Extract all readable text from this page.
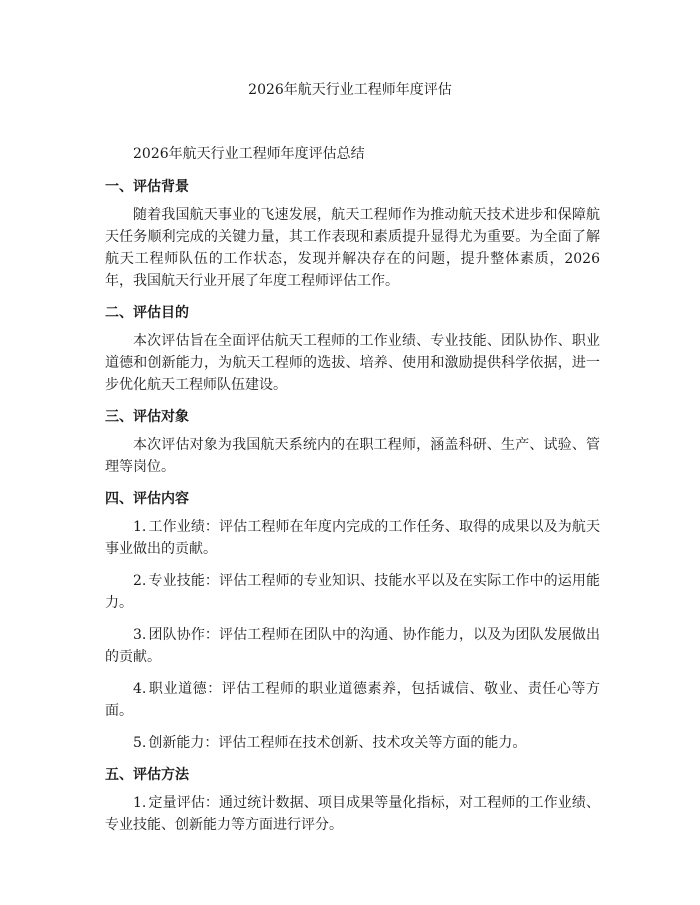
2026年航天行业工程师年度评估

2026年航天行业工程师年度评估总结

一、评估背景

随着我国航天事业的飞速发展，航天工程师作为推动航天技术进步和保障航天任务顺利完成的关键力量，其工作表现和素质提升显得尤为重要。为全面了解航天工程师队伍的工作状态，发现并解决存在的问题，提升整体素质，2026年，我国航天行业开展了年度工程师评估工作。

二、评估目的

本次评估旨在全面评估航天工程师的工作业绩、专业技能、团队协作、职业道德和创新能力，为航天工程师的选拔、培养、使用和激励提供科学依据，进一步优化航天工程师队伍建设。

三、评估对象

本次评估对象为我国航天系统内的在职工程师，涵盖科研、生产、试验、管理等岗位。

四、评估内容

1. 工作业绩：评估工程师在年度内完成的工作任务、取得的成果以及为航天事业做出的贡献。

2. 专业技能：评估工程师的专业知识、技能水平以及在实际工作中的运用能力。

3. 团队协作：评估工程师在团队中的沟通、协作能力，以及为团队发展做出的贡献。

4. 职业道德：评估工程师的职业道德素养，包括诚信、敬业、责任心等方面。

5. 创新能力：评估工程师在技术创新、技术攻关等方面的能力。

五、评估方法

1. 定量评估：通过统计数据、项目成果等量化指标，对工程师的工作业绩、专业技能、创新能力等方面进行评分。
